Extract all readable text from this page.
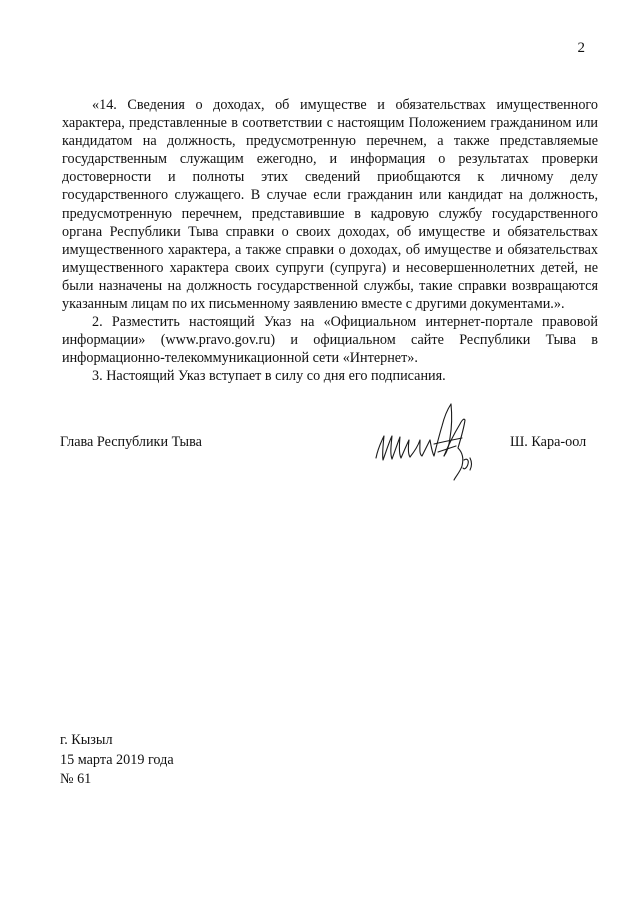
2

«14. Сведения о доходах, об имуществе и обязательствах имущественного характера, представленные в соответствии с настоящим Положением гражданином или кандидатом на должность, предусмотренную перечнем, а также представляемые государственным служащим ежегодно, и информация о результатах проверки достоверности и полноты этих сведений приобщаются к личному делу государственного служащего. В случае если гражданин или кандидат на должность, предусмотренную перечнем, представившие в кадровую службу государственного органа Республики Тыва справки о своих доходах, об имуществе и обязательствах имущественного характера, а также справки о доходах, об имуществе и обязательствах имущественного характера своих супруги (супруга) и несовершеннолетних детей, не были назначены на должность государственной службы, такие справки возвращаются указанным лицам по их письменному заявлению вместе с другими документами.».

2. Разместить настоящий Указ на «Официальном интернет-портале правовой информации» (www.pravo.gov.ru) и официальном сайте Республики Тыва в информационно-телекоммуникационной сети «Интернет».

3. Настоящий Указ вступает в силу со дня его подписания.

Глава Республики Тыва	Ш. Кара-оол
г. Кызыл
15 марта 2019 года
№ 61
